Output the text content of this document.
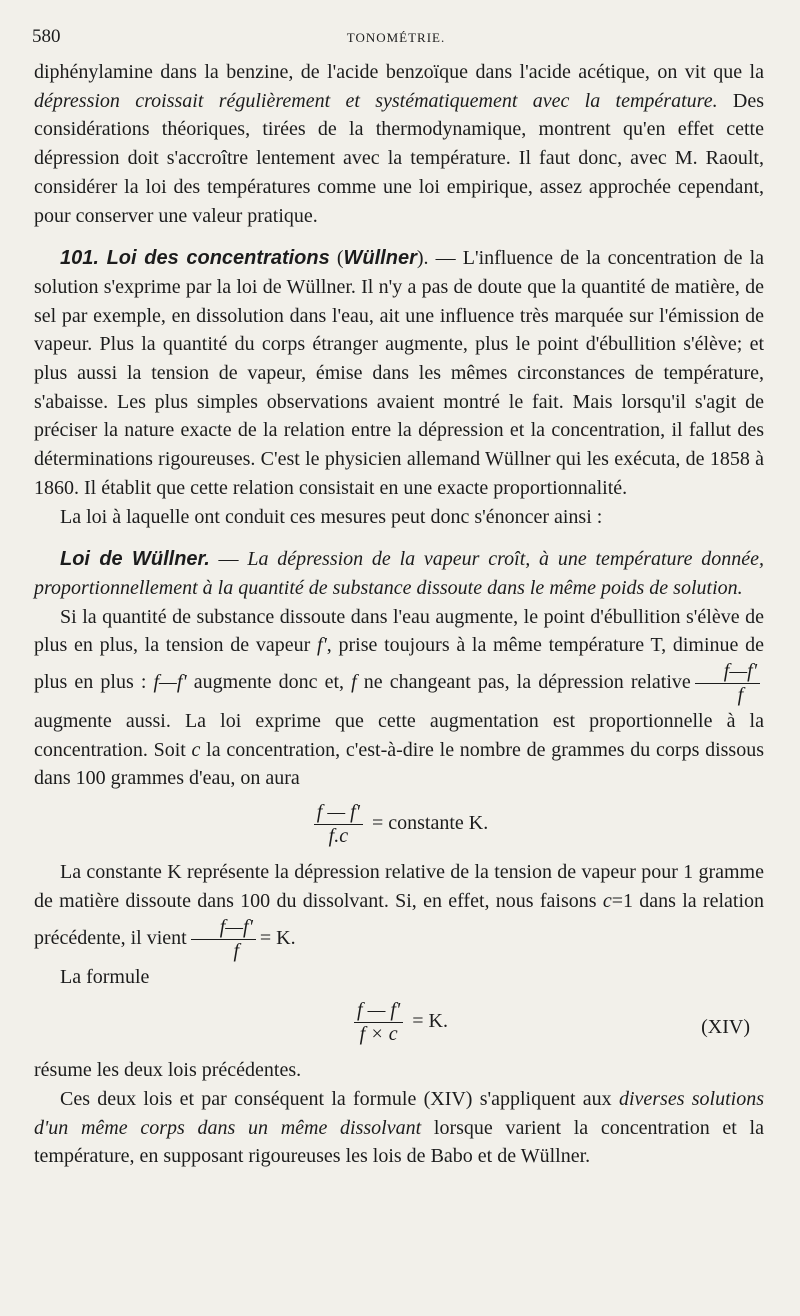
580	TONOMÉTRIE.

diphénylamine dans la benzine, de l'acide benzoïque dans l'acide acétique, on vit que la dépression croissait régulièrement et systématiquement avec la température. Des considérations théoriques, tirées de la thermodynamique, montrent qu'en effet cette dépression doit s'accroître lentement avec la température. Il faut donc, avec M. Raoult, considérer la loi des températures comme une loi empirique, assez approchée cependant, pour conserver une valeur pratique.

101. Loi des concentrations (Wüllner). — L'influence de la concentration de la solution s'exprime par la loi de Wüllner. Il n'y a pas de doute que la quantité de matière, de sel par exemple, en dissolution dans l'eau, ait une influence très marquée sur l'émission de vapeur. Plus la quantité du corps étranger augmente, plus le point d'ébullition s'élève; et plus aussi la tension de vapeur, émise dans les mêmes circonstances de température, s'abaisse. Les plus simples observations avaient montré le fait. Mais lorsqu'il s'agit de préciser la nature exacte de la relation entre la dépression et la concentration, il fallut des déterminations rigoureuses. C'est le physicien allemand Wüllner qui les exécuta, de 1858 à 1860. Il établit que cette relation consistait en une exacte proportionnalité.

La loi à laquelle ont conduit ces mesures peut donc s'énoncer ainsi :

Loi de Wüllner. — La dépression de la vapeur croît, à une température donnée, proportionnellement à la quantité de substance dissoute dans le même poids de solution.

Si la quantité de substance dissoute dans l'eau augmente, le point d'ébullition s'élève de plus en plus, la tension de vapeur f', prise toujours à la même température T, diminue de plus en plus : f—f' augmente donc et, f ne changeant pas, la dépression relative $\frac{f—f'}{f}$
augmente aussi. La loi exprime que cette augmentation est proportionnelle à la concentration. Soit c la concentration, c'est-à-dire le nombre de grammes du corps dissous dans 100 grammes d'eau, on aura

$\frac{f — f'}{f.c}$ = constante K.

La constante K représente la dépression relative de la tension de vapeur pour 1 gramme de matière dissoute dans 100 du dissolvant. Si, en effet, nous faisons c=1 dans la relation précédente, il vient $\frac{f—f'}{f} = K$.

La formule

$\frac{f — f'}{f \times c} = K$.	(XIV)

résume les deux lois précédentes.

Ces deux lois et par conséquent la formule (XIV) s'appliquent aux diverses solutions d'un même corps dans un même dissolvant lorsque varient la concentration et la température, en supposant rigoureuses les lois de Babo et de Wüllner.
